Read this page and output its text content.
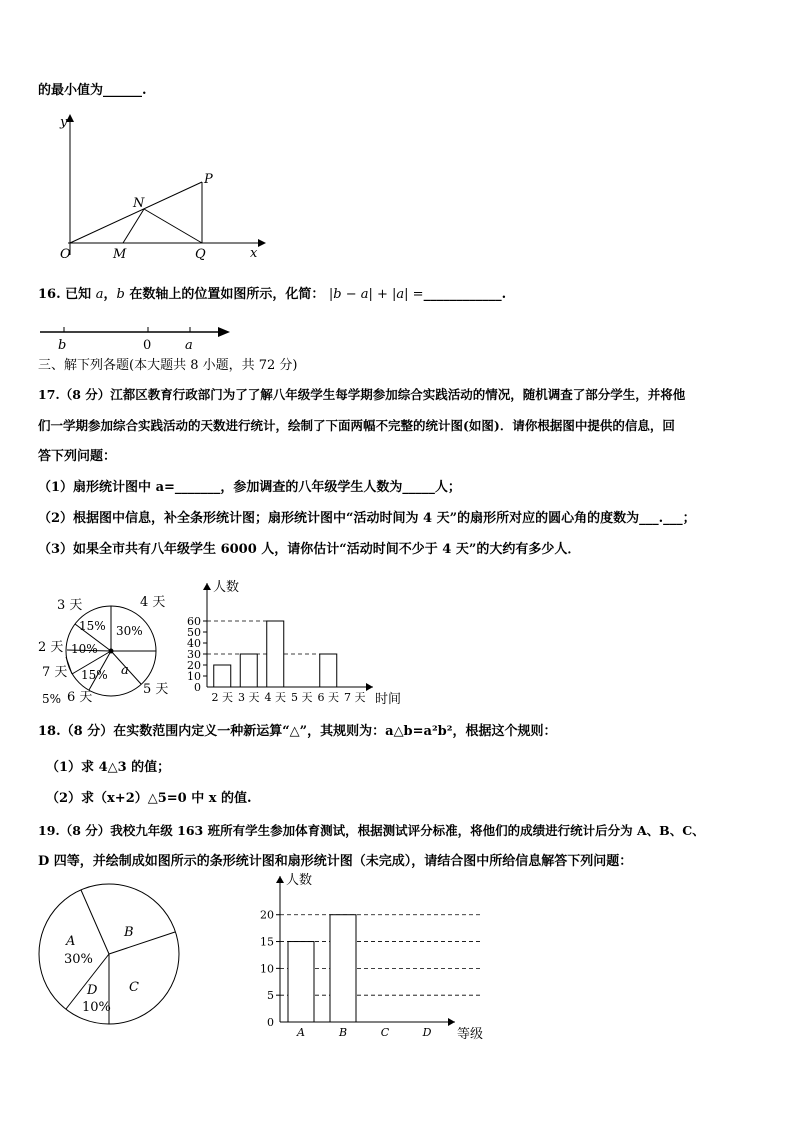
的最小值为______.
y
x
O	M	Q
N
P
16. 已知 a，b 在数轴上的位置如图所示，化简： |b − a| + |a| =____________.
b	0	a
三、解下列各题(本大题共 8 小题，共 72 分)
17.（8 分）江都区教育行政部门为了了解八年级学生每学期参加综合实践活动的情况，随机调查了部分学生，并将他
们一学期参加综合实践活动的天数进行统计，绘制了下面两幅不完整的统计图(如图)．请你根据图中提供的信息，回
答下列问题：
（1）扇形统计图中 a=_______，参加调查的八年级学生人数为_____人；
（2）根据图中信息，补全条形统计图；扇形统计图中“活动时间为 4 天”的扇形所对应的圆心角的度数为___.___；
（3）如果全市共有八年级学生 6000 人，请你估计“活动时间不少于 4 天”的大约有多少人．
3 天	4 天
2 天
7 天
5% 6 天
5 天
15% 30%
10%
15% a
0
10
20
30
40
50
60
2 天 3 天 4 天 5 天 6 天 7 天
人数
时间
18.（8 分）在实数范围内定义一种新运算“△”，其规则为：a△b=a²b²，根据这个规则：
（1）求 4△3 的值；
（2）求（x+2）△5=0 中 x 的值.
19.（8 分）我校九年级 163 班所有学生参加体育测试，根据测试评分标准，将他们的成绩进行统计后分为 A、B、C、
D 四等，并绘制成如图所示的条形统计图和扇形统计图（未完成），请结合图中所给信息解答下列问题：
A
30%
B
C
D
10%
0
5
10
15
20
A	B	C	D
人数
等级
